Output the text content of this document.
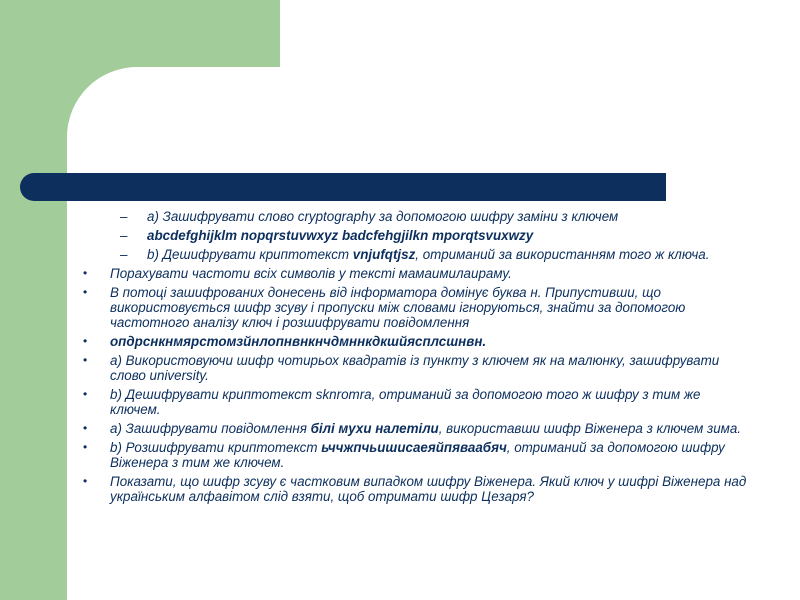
– а) Зашифрувати слово cryptography за допомогою шифру заміни з ключем
– abcdefghijklm nopqrstuvwxyz badcfehgjilkn mporqtsvuxwzy
– b) Дешифрувати криптотекст vnjufqtjsz, отриманий за використанням того ж ключа.
• Порахувати частоти всіх символів у тексті мамаимилаираму.
• В потоці зашифрованих донесень від інформатора домінує буква н. Припустивши, що використовується шифр зсуву і пропуски між словами ігноруються, знайти за допомогою частотного аналізу ключ і розшифрувати повідомлення
• опдрснкнмярстомзйнлопнвнкнчдмннкдкшйясплсшнвн.
• а) Використовуючи шифр чотирьох квадратів із пункту з ключем як на малюнку, зашифрувати слово university.
• b) Дешифрувати криптотекст sknromra, отриманий за допомогою того ж шифру з тим же ключем.
• а) Зашифрувати повідомлення білі мухи налетіли, використавши шифр Віженера з ключем зима.
• b) Розшифрувати криптотекст ьччжпчьишисаеяйпяваабяч, отриманий за допомогою шифру Віженера з тим же ключем.
• Показати, що шифр зсуву є частковим випадком шифру Віженера. Який ключ у шифрі Віженера над українським алфавітом слід взяти, щоб отримати шифр Цезаря?
